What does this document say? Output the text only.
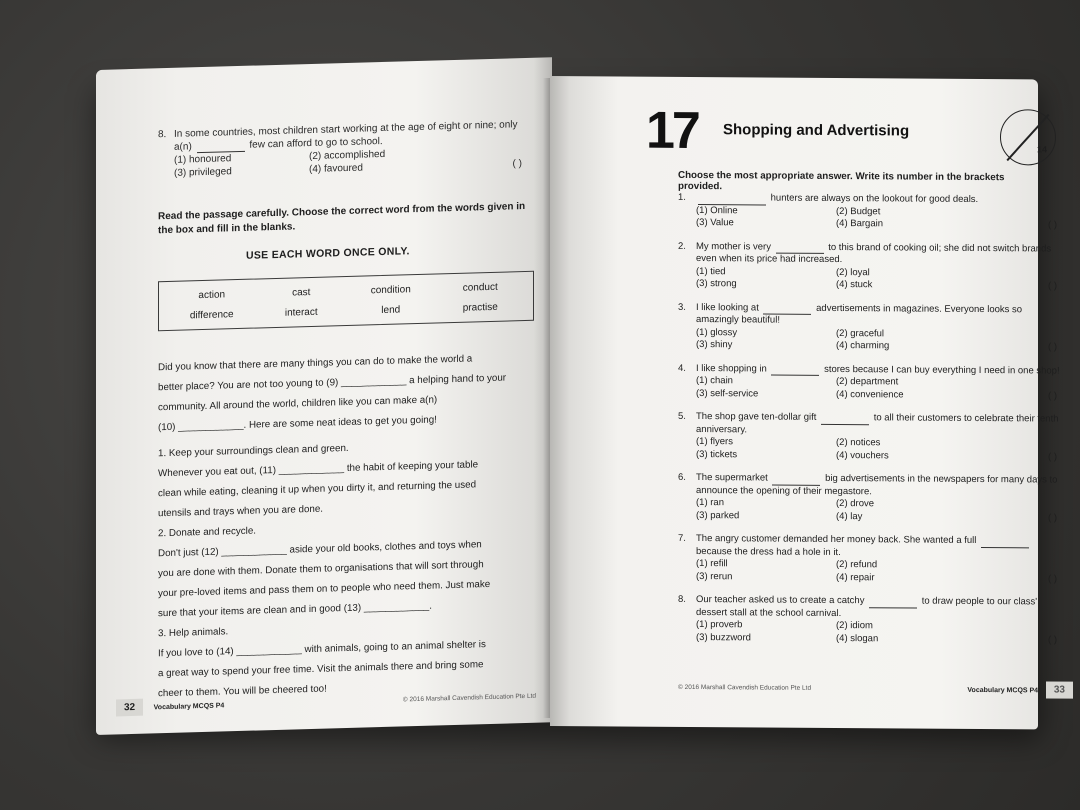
8. In some countries, most children start working at the age of eight or nine; only
a(n)	few can afford to go to school.
(1) honoured	(2) accomplished
(3) privileged	(4) favoured	( )
Read the passage carefully. Choose the correct word from the words given in the box and fill in the blanks.
USE EACH WORD ONCE ONLY.
action	cast	condition	conduct
difference	interact	lend	practise
Did you know that there are many things you can do to make the world a
better place? You are not too young to (9) ____________ a helping hand to your
community. All around the world, children like you can make a(n)
(10) ____________. Here are some neat ideas to get you going!
1. Keep your surroundings clean and green.
Whenever you eat out, (11) ____________ the habit of keeping your table
clean while eating, cleaning it up when you dirty it, and returning the used
utensils and trays when you are done.
2. Donate and recycle.
Don't just (12) ____________ aside your old books, clothes and toys when
you are done with them. Donate them to organisations that will sort through
your pre-loved items and pass them on to people who need them. Just make
sure that your items are clean and in good (13) ____________.
3. Help animals.
If you love to (14) ____________ with animals, going to an animal shelter is
a great way to spend your free time. Visit the animals there and bring some
cheer to them. You will be cheered too!
32	Vocabulary MCQS P4
© 2016 Marshall Cavendish Education Pte Ltd
17 Shopping and Advertising
14
Choose the most appropriate answer. Write its number in the brackets provided.
1.	hunters are always on the lookout for good deals.
(1) Online	(2) Budget
(3) Value	(4) Bargain	( )
2.	My mother is very	to this brand of cooking oil; she did not switch brands even when its price had increased.
(1) tied	(2) loyal
(3) strong	(4) stuck	( )
3.	I like looking at	advertisements in magazines. Everyone looks so amazingly beautiful!
(1) glossy	(2) graceful
(3) shiny	(4) charming	( )
4.	I like shopping in	stores because I can buy everything I need in one shop!
(1) chain	(2) department
(3) self-service	(4) convenience	( )
5.	The shop gave ten-dollar gift	to all their customers to celebrate their tenth anniversary.
(1) flyers	(2) notices
(3) tickets	(4) vouchers	( )
6.	The supermarket	big advertisements in the newspapers for many days to announce the opening of their megastore.
(1) ran	(2) drove
(3) parked	(4) lay	( )
7.	The angry customer demanded her money back. She wanted a full  because the dress had a hole in it.
(1) refill	(2) refund
(3) rerun	(4) repair	( )
8.	Our teacher asked us to create a catchy	to draw people to our class' dessert stall at the school carnival.
(1) proverb	(2) idiom
(3) buzzword	(4) slogan	( )
© 2016 Marshall Cavendish Education Pte Ltd	Vocabulary MCQS P4 33
